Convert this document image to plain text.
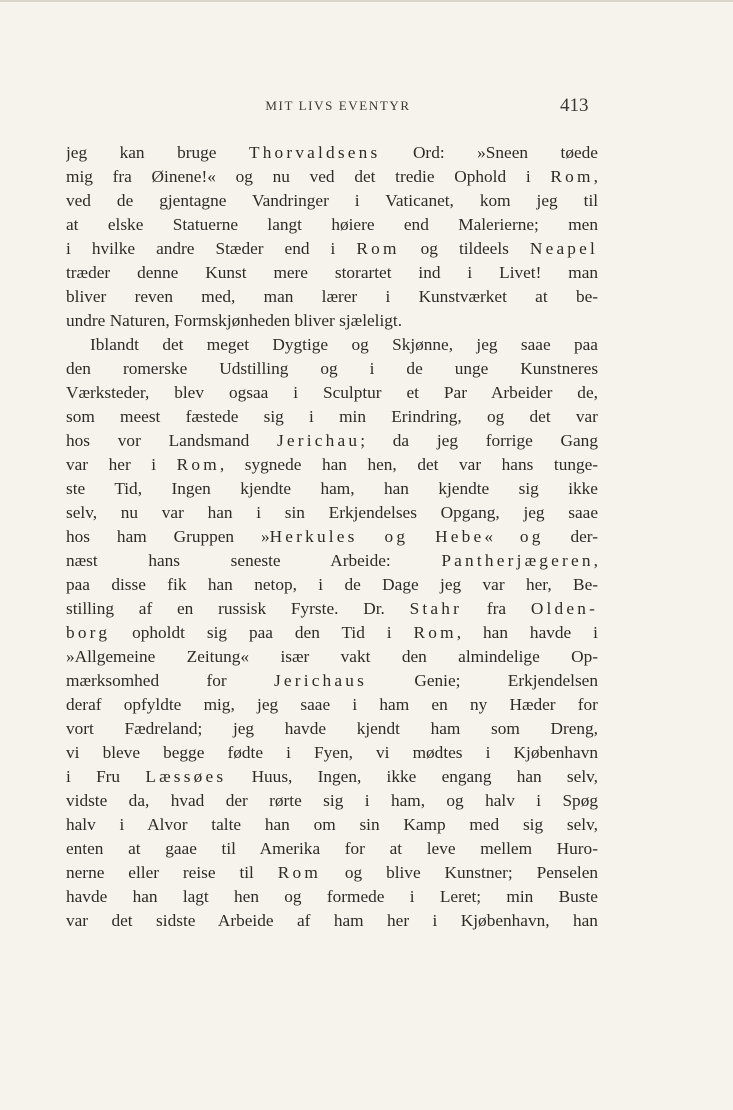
MIT LIVS EVENTYR	413
jeg kan bruge Thorvaldsens Ord: »Sneen tøede
mig fra Øinene!« og nu ved det tredie Ophold i Rom,
ved de gjentagne Vandringer i Vaticanet, kom jeg til
at elske Statuerne langt høiere end Malerierne; men
i hvilke andre Stæder end i Rom og tildeels Neapel
træder denne Kunst mere storartet ind i Livet! man
bliver reven med, man lærer i Kunstværket at be-
undre Naturen, Formskjønheden bliver sjæleligt.
Iblandt det meget Dygtige og Skjønne, jeg saae paa
den romerske Udstilling og i de unge Kunstneres
Værksteder, blev ogsaa i Sculptur et Par Arbeider de,
som meest fæstede sig i min Erindring, og det var
hos vor Landsmand Jerichau; da jeg forrige Gang
var her i Rom, sygnede han hen, det var hans tunge-
ste Tid, Ingen kjendte ham, han kjendte sig ikke
selv, nu var han i sin Erkjendelses Opgang, jeg saae
hos ham Gruppen »Herkules og Hebe« og der-
næst	hans	seneste	Arbeide:	Pantherjægeren,
paa disse fik han netop, i de Dage jeg var her, Be-
stilling af en russisk Fyrste. Dr. Stahr fra Olden-
borg opholdt sig paa den Tid i Rom, han havde i
»Allgemeine Zeitung« især vakt den almindelige Op-
mærksomhed	for	Jerichaus	Genie;	Erkjendelsen
deraf opfyldte mig, jeg saae i ham en ny Hæder for
vort Fædreland; jeg havde kjendt ham som Dreng,
vi bleve begge fødte i Fyen, vi mødtes i Kjøbenhavn
i Fru Læssøes Huus, Ingen, ikke engang han selv,
vidste da, hvad der rørte sig i ham, og halv i Spøg
halv i Alvor talte han om sin Kamp med sig selv,
enten at gaae til Amerika for at leve mellem Huro-
nerne eller reise til Rom og blive Kunstner; Penselen
havde han lagt hen og formede i Leret; min Buste
var det sidste Arbeide af ham her i Kjøbenhavn, han
